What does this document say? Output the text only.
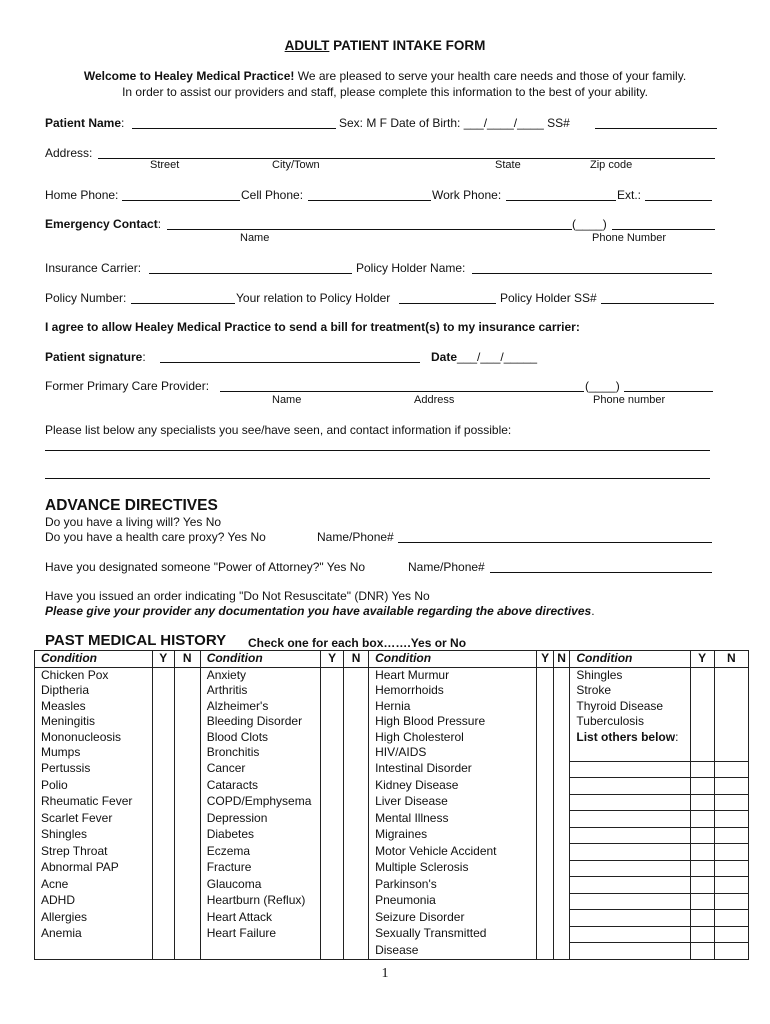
ADULT PATIENT INTAKE FORM
Welcome to Healey Medical Practice! We are pleased to serve your health care needs and those of your family.
In order to assist our providers and staff, please complete this information to the best of your ability.
Patient Name:	Sex: M F Date of Birth: ___/____/____ SS#
Address:
Street	City/Town	State	Zip code
Home Phone:	Cell Phone:	Work Phone:	Ext.:
Emergency Contact:	(____)
Name	Phone Number
Insurance Carrier:	Policy Holder Name:
Policy Number:	Your relation to Policy Holder	Policy Holder SS#
I agree to allow Healey Medical Practice to send a bill for treatment(s) to my insurance carrier:
Patient signature:	Date___/___/_____
Former Primary Care Provider:	(____)
Name	Address	Phone number
Please list below any specialists you see/have seen, and contact information if possible:
ADVANCE DIRECTIVES
Do you have a living will? Yes No
Do you have a health care proxy? Yes No	Name/Phone#
Have you designated someone "Power of Attorney?" Yes No	Name/Phone#
Have you issued an order indicating "Do Not Resuscitate" (DNR) Yes No
Please give your provider any documentation you have available regarding the above directives.
PAST MEDICAL HISTORY Check one for each box…….Yes or No
Condition	Y	N	Condition	Y	N	Condition	Y	N	Condition	Y	N
Chicken Pox			Anxiety			Heart Murmur			Shingles		
Diptheria			Arthritis			Hemorrhoids			Stroke		
Measles			Alzheimer's			Hernia			Thyroid Disease		
Meningitis			Bleeding Disorder			High Blood Pressure			Tuberculosis		
Mononucleosis			Blood Clots			High Cholesterol			List others below:		
Mumps			Bronchitis			HIV/AIDS					
Pertussis			Cancer			Intestinal Disorder					
Polio			Cataracts			Kidney Disease					
Rheumatic Fever			COPD/Emphysema			Liver Disease					
Scarlet Fever			Depression			Mental Illness					
Shingles			Diabetes			Migraines					
Strep Throat			Eczema			Motor Vehicle Accident					
Abnormal PAP			Fracture			Multiple Sclerosis					
Acne			Glaucoma			Parkinson's					
ADHD			Heartburn (Reflux)			Pneumonia					
Allergies			Heart Attack			Seizure Disorder					
Anemia			Heart Failure			Sexually Transmitted					
						Disease					
1
